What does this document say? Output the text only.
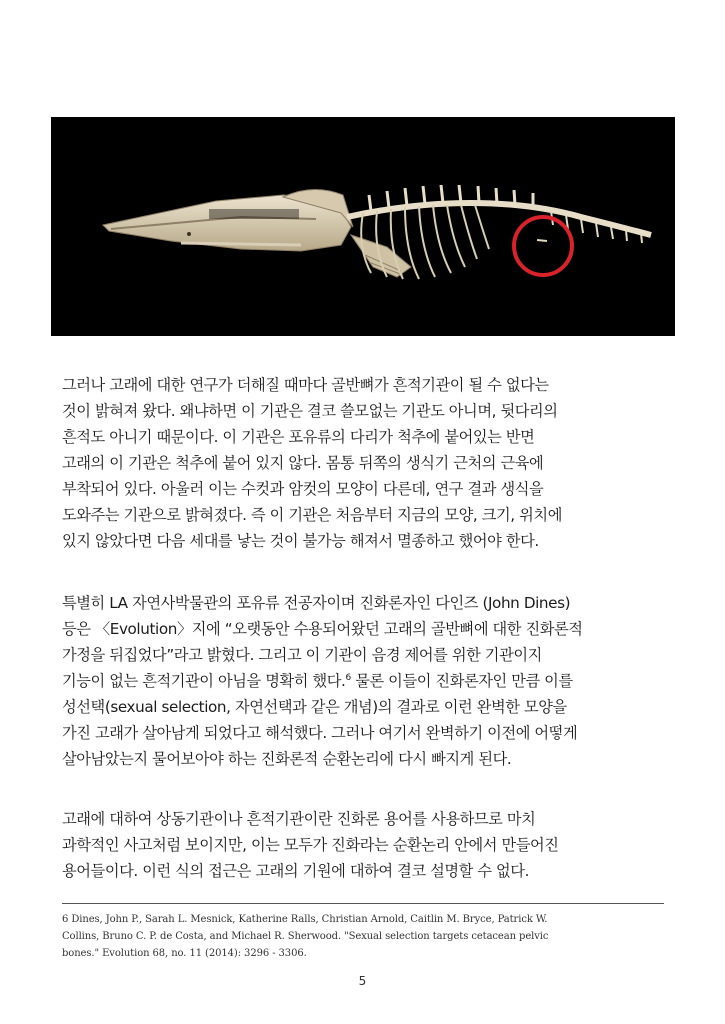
그러나 고래에 대한 연구가 더해질 때마다 골반뼈가 흔적기관이 될 수 없다는
것이 밝혀져 왔다. 왜냐하면 이 기관은 결코 쓸모없는 기관도 아니며, 뒷다리의
흔적도 아니기 때문이다. 이 기관은 포유류의 다리가 척추에 붙어있는 반면
고래의 이 기관은 척추에 붙어 있지 않다. 몸통 뒤쪽의 생식기 근처의 근육에
부착되어 있다. 아울러 이는 수컷과 암컷의 모양이 다른데, 연구 결과 생식을
도와주는 기관으로 밝혀졌다. 즉 이 기관은 처음부터 지금의 모양, 크기, 위치에
있지 않았다면 다음 세대를 낳는 것이 불가능 해져서 멸종하고 했어야 한다.
특별히 LA 자연사박물관의 포유류 전공자이며 진화론자인 다인즈 (John Dines)
등은 〈Evolution〉지에 “오랫동안 수용되어왔던 고래의 골반뼈에 대한 진화론적
가정을 뒤집었다”라고 밝혔다. 그리고 이 기관이 음경 제어를 위한 기관이지
기능이 없는 흔적기관이 아님을 명확히 했다.$^6$ 물론 이들이 진화론자인 만큼 이를
성선택(sexual selection, 자연선택과 같은 개념)의 결과로 이런 완벽한 모양을
가진 고래가 살아남게 되었다고 해석했다. 그러나 여기서 완벽하기 이전에 어떻게
살아남았는지 물어보아야 하는 진화론적 순환논리에 다시 빠지게 된다.
고래에 대하여 상동기관이나 흔적기관이란 진화론 용어를 사용하므로 마치
과학적인 사고처럼 보이지만, 이는 모두가 진화라는 순환논리 안에서 만들어진
용어들이다. 이런 식의 접근은 고래의 기원에 대하여 결코 설명할 수 없다.
6 Dines, John P., Sarah L. Mesnick, Katherine Ralls, Christian Arnold, Caitlin M. Bryce, Patrick W.
Collins, Bruno C. P. de Costa, and Michael R. Sherwood. "Sexual selection targets cetacean pelvic
bones." Evolution 68, no. 11 (2014): 3296 - 3306.
5
